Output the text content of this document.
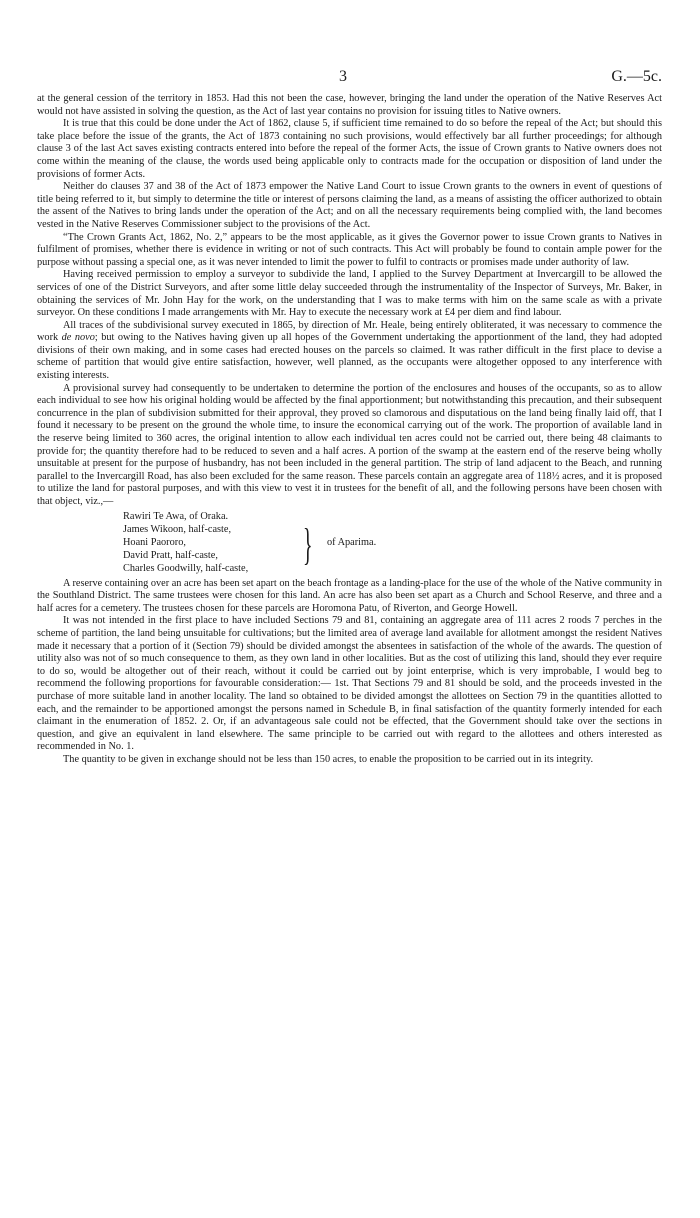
3	G.—5c.

at the general cession of the territory in 1853. Had this not been the case, however, bringing the land under the operation of the Native Reserves Act would not have assisted in solving the question, as the Act of last year contains no provision for issuing titles to Native owners.

It is true that this could be done under the Act of 1862, clause 5, if sufficient time remained to do so before the repeal of the Act; but should this take place before the issue of the grants, the Act of 1873 containing no such provisions, would effectively bar all further proceedings; for although clause 3 of the last Act saves existing contracts entered into before the repeal of the former Acts, the issue of Crown grants to Native owners does not come within the meaning of the clause, the words used being applicable only to contracts made for the occupation or disposition of land under the provisions of former Acts.

Neither do clauses 37 and 38 of the Act of 1873 empower the Native Land Court to issue Crown grants to the owners in event of questions of title being referred to it, but simply to determine the title or interest of persons claiming the land, as a means of assisting the officer authorized to obtain the assent of the Natives to bring lands under the operation of the Act; and on all the necessary requirements being complied with, the land becomes vested in the Native Reserves Commissioner subject to the provisions of the Act.

“The Crown Grants Act, 1862, No. 2,” appears to be the most applicable, as it gives the Governor power to issue Crown grants to Natives in fulfilment of promises, whether there is evidence in writing or not of such contracts. This Act will probably be found to contain ample power for the purpose without passing a special one, as it was never intended to limit the power to fulfil to contracts or promises made under authority of law.

Having received permission to employ a surveyor to subdivide the land, I applied to the Survey Department at Invercargill to be allowed the services of one of the District Surveyors, and after some little delay succeeded through the instrumentality of the Inspector of Surveys, Mr. Baker, in obtaining the services of Mr. John Hay for the work, on the understanding that I was to make terms with him on the same scale as with a private surveyor. On these conditions I made arrangements with Mr. Hay to execute the necessary work at £4 per diem and find labour.

All traces of the subdivisional survey executed in 1865, by direction of Mr. Heale, being entirely obliterated, it was necessary to commence the work de novo; but owing to the Natives having given up all hopes of the Government undertaking the apportionment of the land, they had adopted divisions of their own making, and in some cases had erected houses on the parcels so claimed. It was rather difficult in the first place to devise a scheme of partition that would give entire satisfaction, however, well planned, as the occupants were altogether opposed to any interference with existing interests.

A provisional survey had consequently to be undertaken to determine the portion of the enclosures and houses of the occupants, so as to allow each individual to see how his original holding would be affected by the final apportionment; but notwithstanding this precaution, and their subsequent concurrence in the plan of subdivision submitted for their approval, they proved so clamorous and disputatious on the land being finally laid off, that I found it necessary to be present on the ground the whole time, to insure the economical carrying out of the work. The proportion of available land in the reserve being limited to 360 acres, the original intention to allow each individual ten acres could not be carried out, there being 48 claimants to provide for; the quantity therefore had to be reduced to seven and a half acres. A portion of the swamp at the eastern end of the reserve being wholly unsuitable at present for the purpose of husbandry, has not been included in the general partition. The strip of land adjacent to the Beach, and running parallel to the Invercargill Road, has also been excluded for the same reason. These parcels contain an aggregate area of 118½ acres, and it is proposed to utilize the land for pastoral purposes, and with this view to vest it in trustees for the benefit of all, and the following persons have been chosen with that object, viz.,—

Rawiri Te Awa, of Oraka.
James Wikoon, half-caste,
Hoani Paororo,
David Pratt, half-caste,
Charles Goodwilly, half-caste, } of Aparima.

A reserve containing over an acre has been set apart on the beach frontage as a landing-place for the use of the whole of the Native community in the Southland District. The same trustees were chosen for this land. An acre has also been set apart as a Church and School Reserve, and three and a half acres for a cemetery. The trustees chosen for these parcels are Horomona Patu, of Riverton, and George Howell.

It was not intended in the first place to have included Sections 79 and 81, containing an aggregate area of 111 acres 2 roods 7 perches in the scheme of partition, the land being unsuitable for cultivations; but the limited area of average land available for allotment amongst the resident Natives made it necessary that a portion of it (Section 79) should be divided amongst the absentees in satisfaction of the whole of the awards. The question of utility also was not of so much consequence to them, as they own land in other localities. But as the cost of utilizing this land, should they ever require to do so, would be altogether out of their reach, without it could be carried out by joint enterprise, which is very improbable, I would beg to recommend the following proportions for favourable consideration:— 1st. That Sections 79 and 81 should be sold, and the proceeds invested in the purchase of more suitable land in another locality. The land so obtained to be divided amongst the allottees on Section 79 in the quantities allotted to each, and the remainder to be apportioned amongst the persons named in Schedule B, in final satisfaction of the quantity formerly intended for each claimant in the enumeration of 1852. 2. Or, if an advantageous sale could not be effected, that the Government should take over the sections in question, and give an equivalent in land elsewhere. The same principle to be carried out with regard to the allottees and others interested as recommended in No. 1.

The quantity to be given in exchange should not be less than 150 acres, to enable the proposition to be carried out in its integrity.
